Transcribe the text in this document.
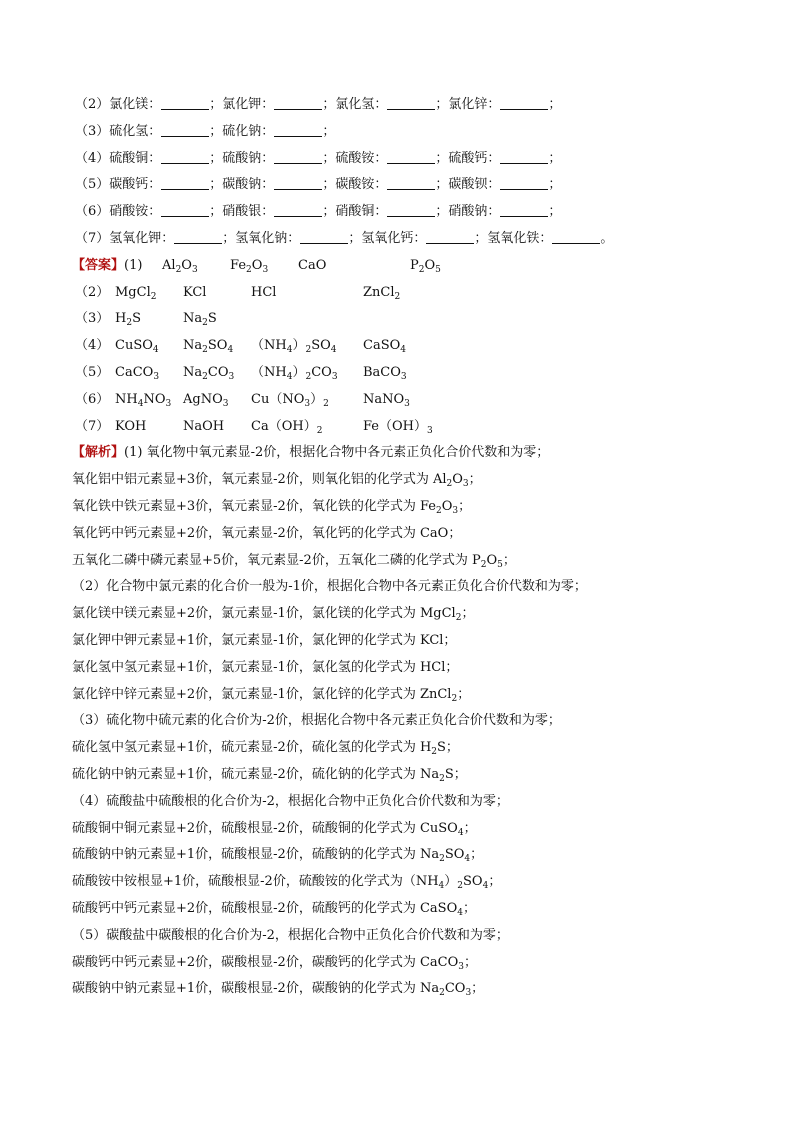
（2）氯化镁：	；氯化钾：	；氯化氢：	；氯化锌：	；
（3）硫化氢：	；硫化钠：	；
（4）硫酸铜：	；硫酸钠：	；硫酸铵：	；硫酸钙：	；
（5）碳酸钙：	；碳酸钠：	；碳酸铵：	；碳酸钡：	；
（6）硝酸铵：	；硝酸银：	；硝酸铜：	；硝酸钠：	；
（7）氢氧化钾：	；氢氧化钠：	；氢氧化钙：	；氢氧化铁：	。
【答案】(1) $Al_2O_3$ $Fe_2O_3$ CaO	$P_2O_5$
（2） MgCl$_2$ KCl	HCl	ZnCl$_2$
（3） $H_2S$	$Na_2S$
（4） CuSO$_4$ $Na_2SO_4$ $(NH_4)_2SO_4$ CaSO$_4$
（5） CaCO$_3$ $Na_2CO_3$ $(NH_4)_2CO_3$ BaCO$_3$
（6） $NH_4NO_3$ AgNO$_3$ $Cu(NO_3)_2$	NaNO$_3$
（7） KOH	NaOH $Ca(OH)_2$	$Fe(OH)_3$
【解析】(1) 氧化物中氧元素显-2价，根据化合物中各元素正负化合价代数和为零；
氧化铝中铝元素显+3价，氧元素显-2价，则氧化铝的化学式为 $Al_2O_3$；
氧化铁中铁元素显+3价，氧元素显-2价，氧化铁的化学式为 $Fe_2O_3$；
氧化钙中钙元素显+2价，氧元素显-2价，氧化钙的化学式为 CaO；
五氧化二磷中磷元素显+5价，氧元素显-2价，五氧化二磷的化学式为 $P_2O_5$；
（2）化合物中氯元素的化合价一般为-1价，根据化合物中各元素正负化合价代数和为零；
氯化镁中镁元素显+2价，氯元素显-1价，氯化镁的化学式为 MgCl$_2$；
氯化钾中钾元素显+1价，氯元素显-1价，氯化钾的化学式为 KCl；
氯化氢中氢元素显+1价，氯元素显-1价，氯化氢的化学式为 HCl；
氯化锌中锌元素显+2价，氯元素显-1价，氯化锌的化学式为 ZnCl$_2$；
（3）硫化物中硫元素的化合价为-2价，根据化合物中各元素正负化合价代数和为零；
硫化氢中氢元素显+1价，硫元素显-2价，硫化氢的化学式为 $H_2S$；
硫化钠中钠元素显+1价，硫元素显-2价，硫化钠的化学式为 $Na_2S$；
（4）硫酸盐中硫酸根的化合价为-2，根据化合物中正负化合价代数和为零；
硫酸铜中铜元素显+2价，硫酸根显-2价，硫酸铜的化学式为 CuSO$_4$；
硫酸钠中钠元素显+1价，硫酸根显-2价，硫酸钠的化学式为 $Na_2SO_4$；
硫酸铵中铵根显+1价，硫酸根显-2价，硫酸铵的化学式为$(NH_4)_2SO_4$；
硫酸钙中钙元素显+2价，硫酸根显-2价，硫酸钙的化学式为 CaSO$_4$；
（5）碳酸盐中碳酸根的化合价为-2，根据化合物中正负化合价代数和为零；
碳酸钙中钙元素显+2价，碳酸根显-2价，碳酸钙的化学式为 CaCO$_3$；
碳酸钠中钠元素显+1价，碳酸根显-2价，碳酸钠的化学式为 $Na_2CO_3$；
